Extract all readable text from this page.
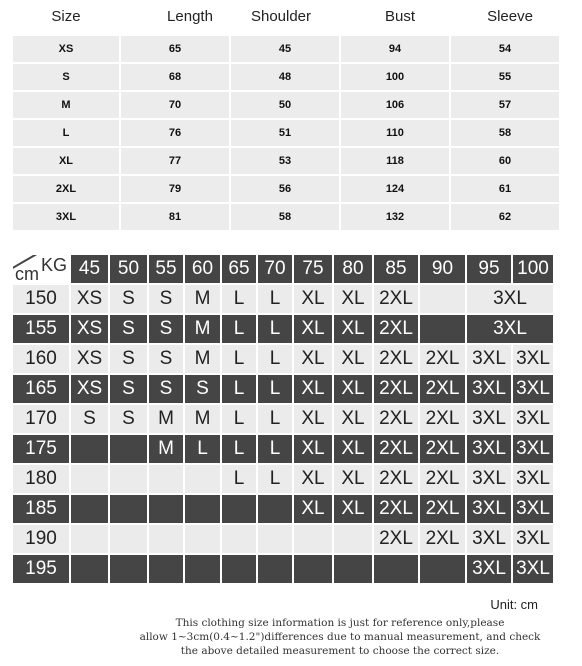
Size	Length	Shoulder	Bust	Sleeve
XS	65	45	94	54
S	68	48	100	55
M	70	50	106	57
L	76	51	110	58
XL	77	53	118	60
2XL	79	56	124	61
3XL	81	58	132	62
KG
cm	45	50	55	60	65	70	75	80	85	90	95	100
150	XS	S	S	M	L	L	XL	XL	2XL		3XL	
155	XS	S	S	M	L	L	XL	XL	2XL		3XL	
160	XS	S	S	M	L	L	XL	XL	2XL	2XL	3XL	3XL
165	XS	S	S	S	L	L	XL	XL	2XL	2XL	3XL	3XL
170	S	S	M	M	L	L	XL	XL	2XL	2XL	3XL	3XL
175			M	L	L	L	XL	XL	2XL	2XL	3XL	3XL
180					L	L	XL	XL	2XL	2XL	3XL	3XL
185							XL	XL	2XL	2XL	3XL	3XL
190									2XL	2XL	3XL	3XL
195											3XL	3XL
Unit: cm
This clothing size information is just for reference only,please
allow 1~3cm(0.4~1.2")differences due to manual measurement, and check
the above detailed measurement to choose the correct size.
